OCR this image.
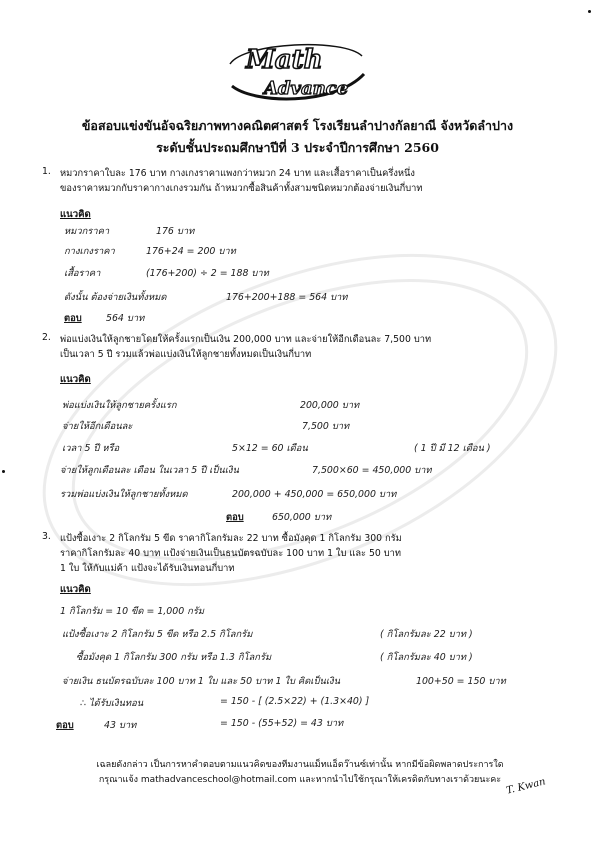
Math
Advance
ข้อสอบแข่งขันอัจฉริยภาพทางคณิตศาสตร์ โรงเรียนลำปางกัลยาณี จังหวัดลำปาง
ระดับชั้นประถมศึกษาปีที่ 3 ประจำปีการศึกษา 2560
1. หมวกราคาใบละ 176 บาท กางเกงราคาแพงกว่าหมวก 24 บาท และเสื้อราคาเป็นครึ่งหนึ่ง
ของราคาหมวกกับราคากางเกงรวมกัน ถ้าหมวกซื้อสินค้าทั้งสามชนิดหมวกต้องจ่ายเงินกี่บาท
แนวคิด
หมวกราคา	176 บาท
กางเกงราคา	176+24 = 200 บาท
เสื้อราคา	(176+200) ÷ 2 = 188 บาท
ดังนั้น ต้องจ่ายเงินทั้งหมด	176+200+188 = 564 บาท
ตอบ	564 บาท
2. พ่อแบ่งเงินให้ลูกชายโดยให้ครั้งแรกเป็นเงิน 200,000 บาท และจ่ายให้อีกเดือนละ 7,500 บาท
เป็นเวลา 5 ปี รวมแล้วพ่อแบ่งเงินให้ลูกชายทั้งหมดเป็นเงินกี่บาท
แนวคิด
พ่อแบ่งเงินให้ลูกชายครั้งแรก	200,000 บาท
จ่ายให้อีกเดือนละ	7,500 บาท
เวลา 5 ปี หรือ	5×12 = 60 เดือน	( 1 ปี มี 12 เดือน )
จ่ายให้ลูกเดือนละ เดือน ในเวลา 5 ปี เป็นเงิน	7,500×60 = 450,000 บาท
รวมพ่อแบ่งเงินให้ลูกชายทั้งหมด	200,000 + 450,000 = 650,000 บาท
ตอบ	650,000 บาท
3. แป้งซื้อเงาะ 2 กิโลกรัม 5 ขีด ราคากิโลกรัมละ 22 บาท ซื้อมังคุด 1 กิโลกรัม 300 กรัม
ราคากิโลกรัมละ 40 บาท แป้งจ่ายเงินเป็นธนบัตรฉบับละ 100 บาท 1 ใบ และ 50 บาท
1 ใบ ให้กับแม่ค้า แป้งจะได้รับเงินทอนกี่บาท
แนวคิด
1 กิโลกรัม = 10 ขีด = 1,000 กรัม
แป้งซื้อเงาะ 2 กิโลกรัม 5 ขีด หรือ 2.5 กิโลกรัม	( กิโลกรัมละ 22 บาท )
ซื้อมังคุด 1 กิโลกรัม 300 กรัม หรือ 1.3 กิโลกรัม	( กิโลกรัมละ 40 บาท )
จ่ายเงิน ธนบัตรฉบับละ 100 บาท 1 ใบ และ 50 บาท 1 ใบ คิดเป็นเงิน	100+50 = 150 บาท
∴ ได้รับเงินทอน	= 150 - [ (2.5×22) + (1.3×40) ]
= 150 - (55+52) = 43 บาท
ตอบ	43 บาท
เฉลยดังกล่าว เป็นการหาคำตอบตามแนวคิดของทีมงานแม็ทแอ็ดว๊านซ์เท่านั้น หากมีข้อผิดพลาดประการใด
กรุณาแจ้ง mathadvanceschool@hotmail.com และหากนำไปใช้กรุณาให้เครดิตกับทางเราด้วยนะคะ T. Kwan
